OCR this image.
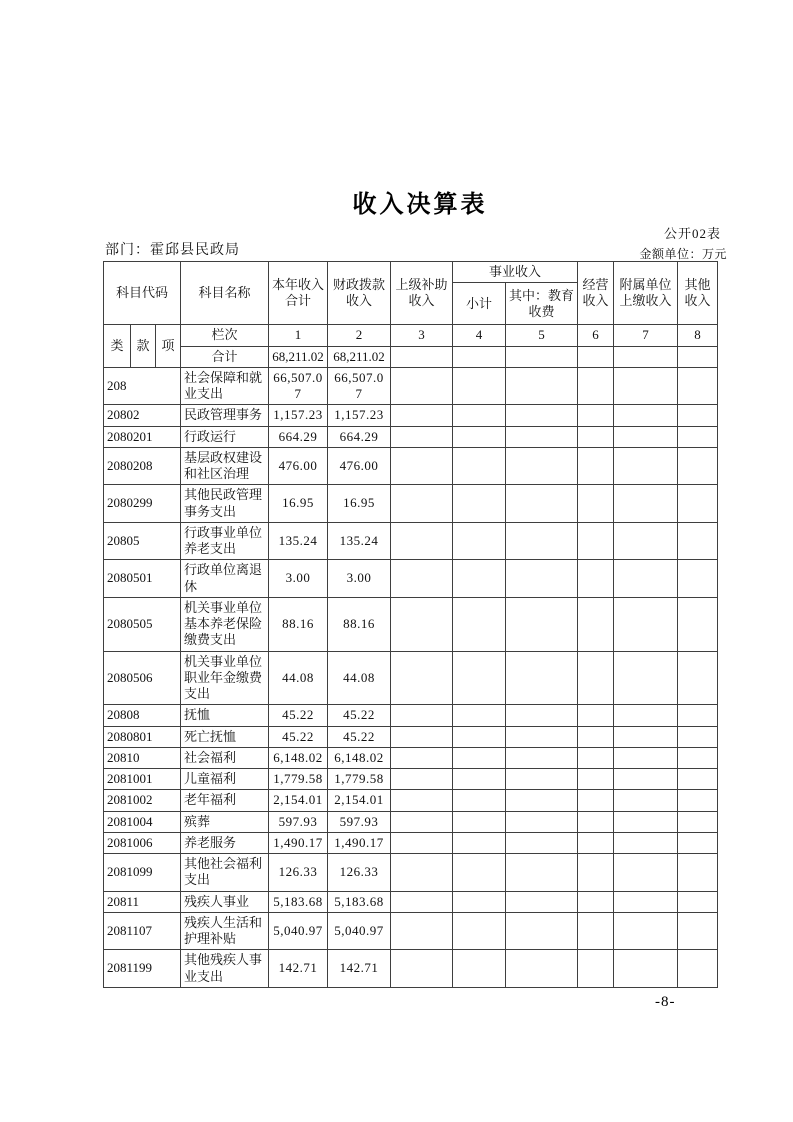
收入决算表
公开02表
部门：霍邱县民政局	金额单位：万元
科目代码			科目名称	本年收入合计	财政拨款收入	上级补助收入	事业收入		经营收入	附属单位上缴收入	其他收入
							小计	其中：教育收费			
类	款	项	栏次	1	2	3	4	5	6	7	8
			合计	68,211.02	68,211.02						
208			社会保障和就业支出	66,507.07	66,507.07						
20802			民政管理事务	1,157.23	1,157.23						
2080201			行政运行	664.29	664.29						
2080208			基层政权建设和社区治理	476.00	476.00						
2080299			其他民政管理事务支出	16.95	16.95						
20805			行政事业单位养老支出	135.24	135.24						
2080501			行政单位离退休	3.00	3.00						
2080505			机关事业单位基本养老保险缴费支出	88.16	88.16						
2080506			机关事业单位职业年金缴费支出	44.08	44.08						
20808			抚恤	45.22	45.22						
2080801			死亡抚恤	45.22	45.22						
20810			社会福利	6,148.02	6,148.02						
2081001			儿童福利	1,779.58	1,779.58						
2081002			老年福利	2,154.01	2,154.01						
2081004			殡葬	597.93	597.93						
2081006			养老服务	1,490.17	1,490.17						
2081099			其他社会福利支出	126.33	126.33						
20811			残疾人事业	5,183.68	5,183.68						
2081107			残疾人生活和护理补贴	5,040.97	5,040.97						
2081199			其他残疾人事业支出	142.71	142.71						
-8-
